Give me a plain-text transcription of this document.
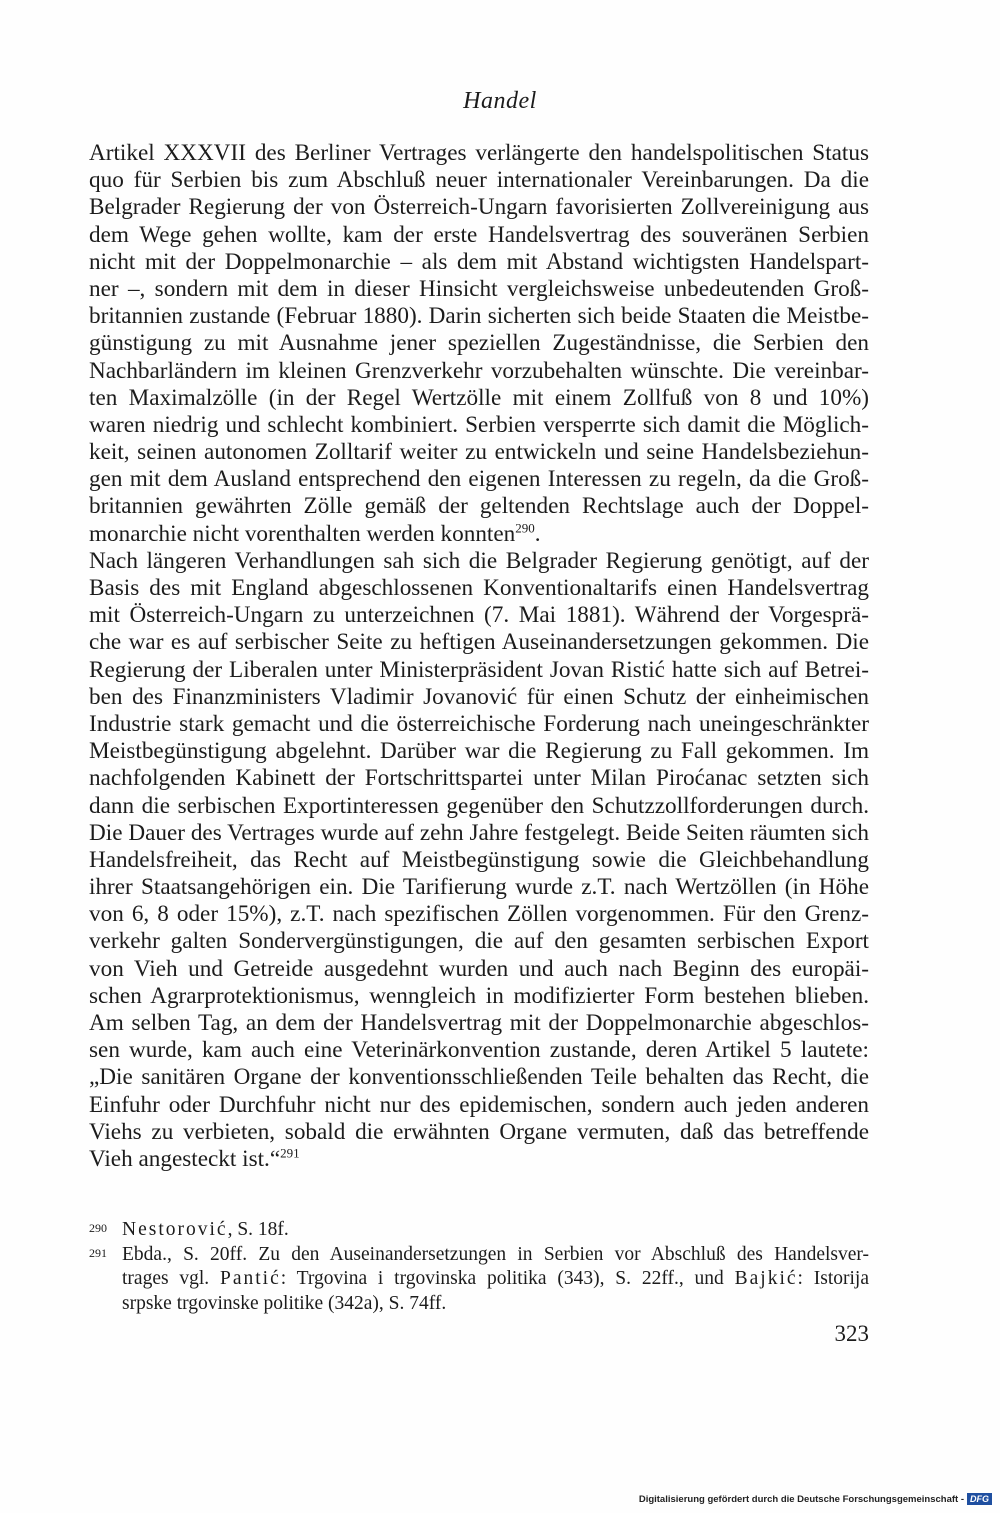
Handel
Artikel XXXVII des Berliner Vertrages verlängerte den handelspolitischen Status
quo für Serbien bis zum Abschluß neuer internationaler Vereinbarungen. Da die
Belgrader Regierung der von Österreich-Ungarn favorisierten Zollvereinigung aus
dem Wege gehen wollte, kam der erste Handelsvertrag des souveränen Serbien
nicht mit der Doppelmonarchie – als dem mit Abstand wichtigsten Handelspart-
ner –, sondern mit dem in dieser Hinsicht vergleichsweise unbedeutenden Groß-
britannien zustande (Februar 1880). Darin sicherten sich beide Staaten die Meistbe-
günstigung zu mit Ausnahme jener speziellen Zugeständnisse, die Serbien den
Nachbarländern im kleinen Grenzverkehr vorzubehalten wünschte. Die vereinbar-
ten Maximalzölle (in der Regel Wertzölle mit einem Zollfuß von 8 und 10%)
waren niedrig und schlecht kombiniert. Serbien versperrte sich damit die Möglich-
keit, seinen autonomen Zolltarif weiter zu entwickeln und seine Handelsbeziehun-
gen mit dem Ausland entsprechend den eigenen Interessen zu regeln, da die Groß-
britannien gewährten Zölle gemäß der geltenden Rechtslage auch der Doppel-
monarchie nicht vorenthalten werden konnten$^{290}$.
Nach längeren Verhandlungen sah sich die Belgrader Regierung genötigt, auf der
Basis des mit England abgeschlossenen Konventionaltarifs einen Handelsvertrag
mit Österreich-Ungarn zu unterzeichnen (7. Mai 1881). Während der Vorgesprä-
che war es auf serbischer Seite zu heftigen Auseinandersetzungen gekommen. Die
Regierung der Liberalen unter Ministerpräsident Jovan Ristić hatte sich auf Betrei-
ben des Finanzministers Vladimir Jovanović für einen Schutz der einheimischen
Industrie stark gemacht und die österreichische Forderung nach uneingeschränkter
Meistbegünstigung abgelehnt. Darüber war die Regierung zu Fall gekommen. Im
nachfolgenden Kabinett der Fortschrittspartei unter Milan Piroćanac setzten sich
dann die serbischen Exportinteressen gegenüber den Schutzzollforderungen durch.
Die Dauer des Vertrages wurde auf zehn Jahre festgelegt. Beide Seiten räumten sich
Handelsfreiheit, das Recht auf Meistbegünstigung sowie die Gleichbehandlung
ihrer Staatsangehörigen ein. Die Tarifierung wurde z.T. nach Wertzöllen (in Höhe
von 6, 8 oder 15%), z.T. nach spezifischen Zöllen vorgenommen. Für den Grenz-
verkehr galten Sondervergünstigungen, die auf den gesamten serbischen Export
von Vieh und Getreide ausgedehnt wurden und auch nach Beginn des europäi-
schen Agrarprotektionismus, wenngleich in modifizierter Form bestehen blieben.
Am selben Tag, an dem der Handelsvertrag mit der Doppelmonarchie abgeschlos-
sen wurde, kam auch eine Veterinärkonvention zustande, deren Artikel 5 lautete:
„Die sanitären Organe der konventionsschließenden Teile behalten das Recht, die
Einfuhr oder Durchfuhr nicht nur des epidemischen, sondern auch jeden anderen
Viehs zu verbieten, sobald die erwähnten Organe vermuten, daß das betreffende
Vieh angesteckt ist.“$^{291}$
290 Nestorović, S. 18f.
291 Ebda., S. 20ff. Zu den Auseinandersetzungen in Serbien vor Abschluß des Handelsver-
trages vgl. Pantić: Trgovina i trgovinska politika (343), S. 22ff., und Bajkić: Istorija
srpske trgovinske politike (342a), S. 74ff.
323
Digitalisierung gefördert durch die Deutsche Forschungsgemeinschaft - DFG
